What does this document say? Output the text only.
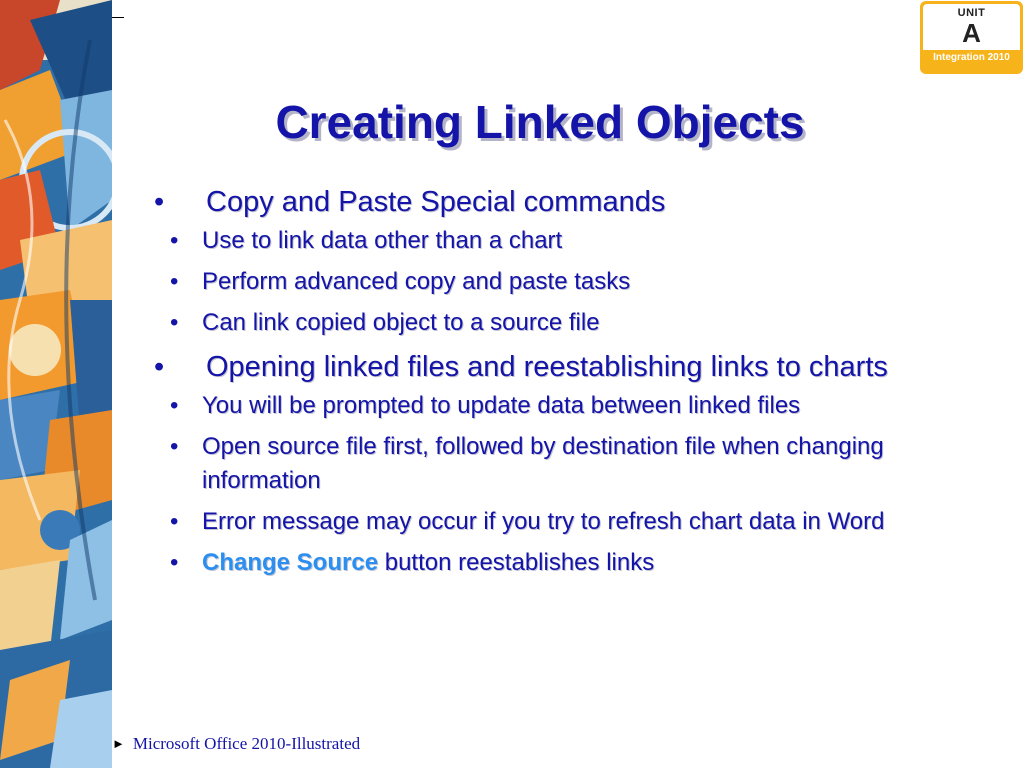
UNIT
A
Integration 2010
Creating Linked Objects
• Copy and Paste Special commands
• Use to link data other than a chart
• Perform advanced copy and paste tasks
• Can link copied object to a source file
• Opening linked files and reestablishing links to charts
• You will be prompted to update data between linked files
• Open source file first, followed by destination file when changing information
• Error message may occur if you try to refresh chart data in Word
• Change Source button reestablishes links
► Microsoft Office 2010-Illustrated
